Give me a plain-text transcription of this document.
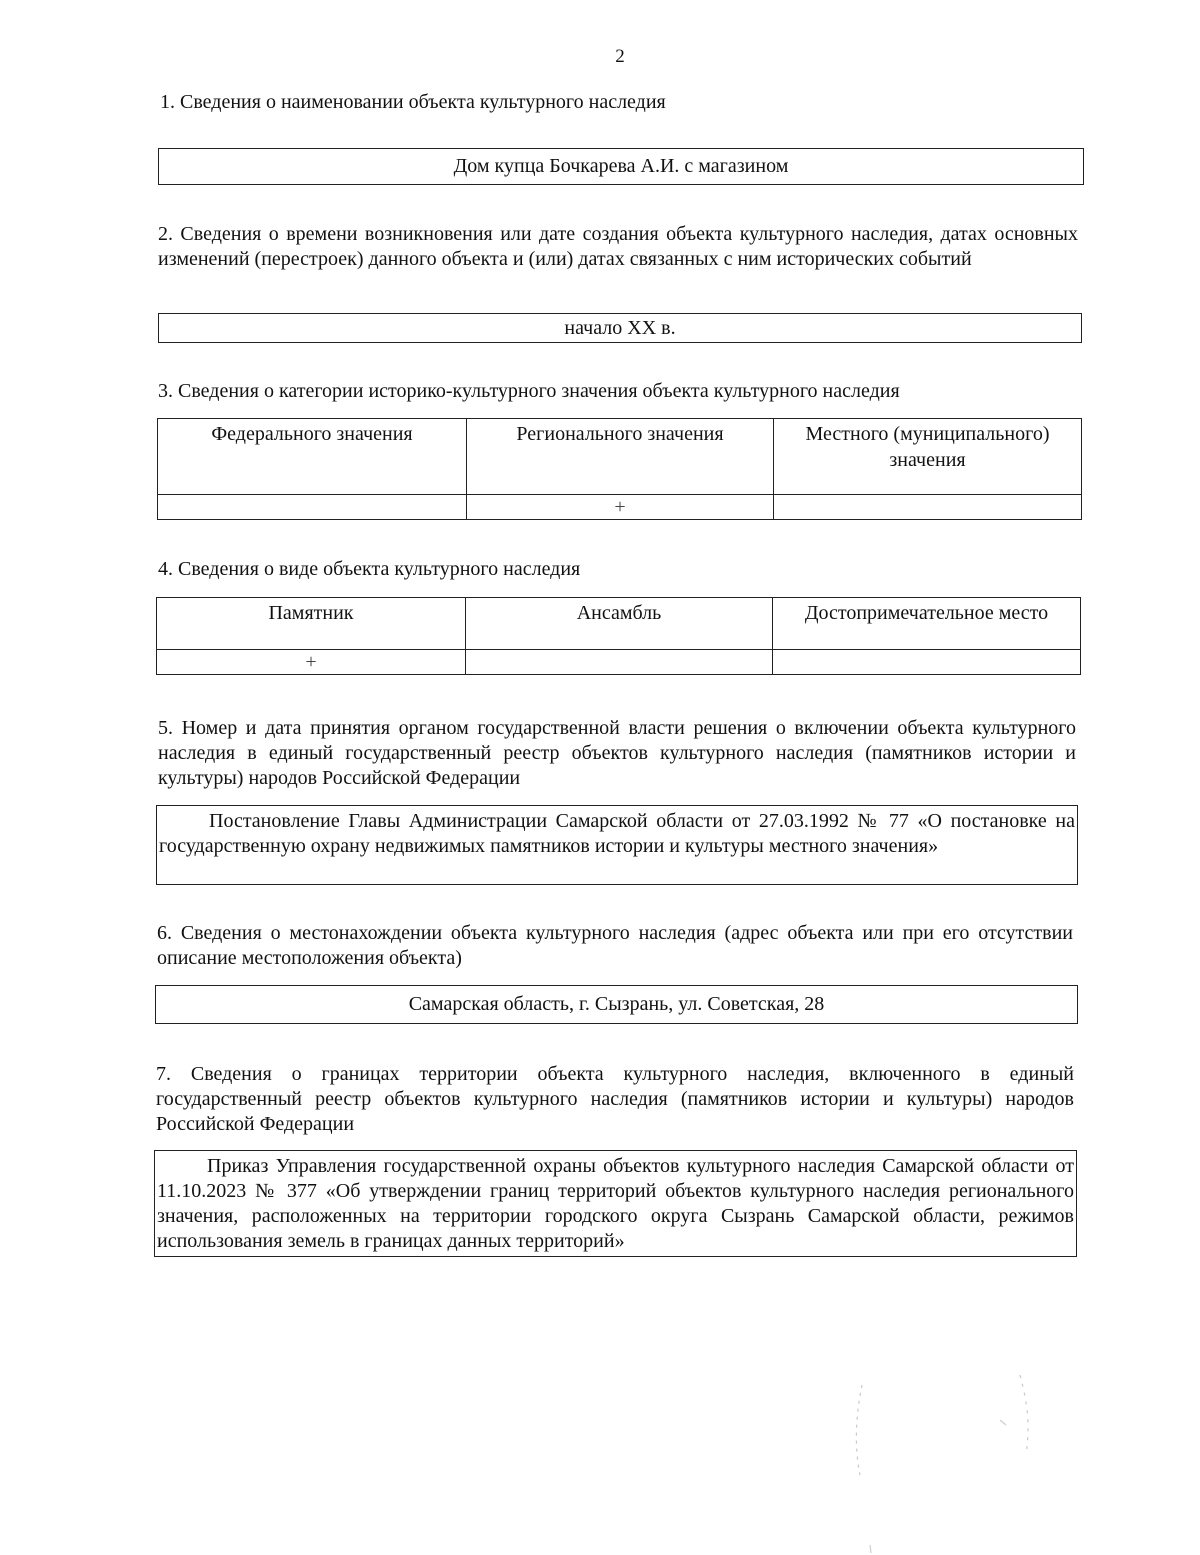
2

1. Сведения о наименовании объекта культурного наследия

Дом купца Бочкарева А.И. с магазином

2. Сведения о времени возникновения или дате создания объекта культурного наследия, датах основных изменений (перестроек) данного объекта и (или) датах связанных с ним исторических событий

начало XX в.

3. Сведения о категории историко-культурного значения объекта культурного наследия

Федерального значения	Регионального значения	Местного (муниципального) значения
	+	

4. Сведения о виде объекта культурного наследия

Памятник	Ансамбль	Достопримечательное место
+		

5. Номер и дата принятия органом государственной власти решения о включении объекта культурного наследия в единый государственный реестр объектов культурного наследия (памятников истории и культуры) народов Российской Федерации

Постановление Главы Администрации Самарской области от 27.03.1992 № 77 «О постановке на государственную охрану недвижимых памятников истории и культуры местного значения»

6. Сведения о местонахождении объекта культурного наследия (адрес объекта или при его отсутствии описание местоположения объекта)

Самарская область, г. Сызрань, ул. Советская, 28

7. Сведения о границах территории объекта культурного наследия, включенного в единый государственный реестр объектов культурного наследия (памятников истории и культуры) народов Российской Федерации

Приказ Управления государственной охраны объектов культурного наследия Самарской области от 11.10.2023 № 377 «Об утверждении границ территорий объектов культурного наследия регионального значения, расположенных на территории городского округа Сызрань Самарской области, режимов использования земель в границах данных территорий»
